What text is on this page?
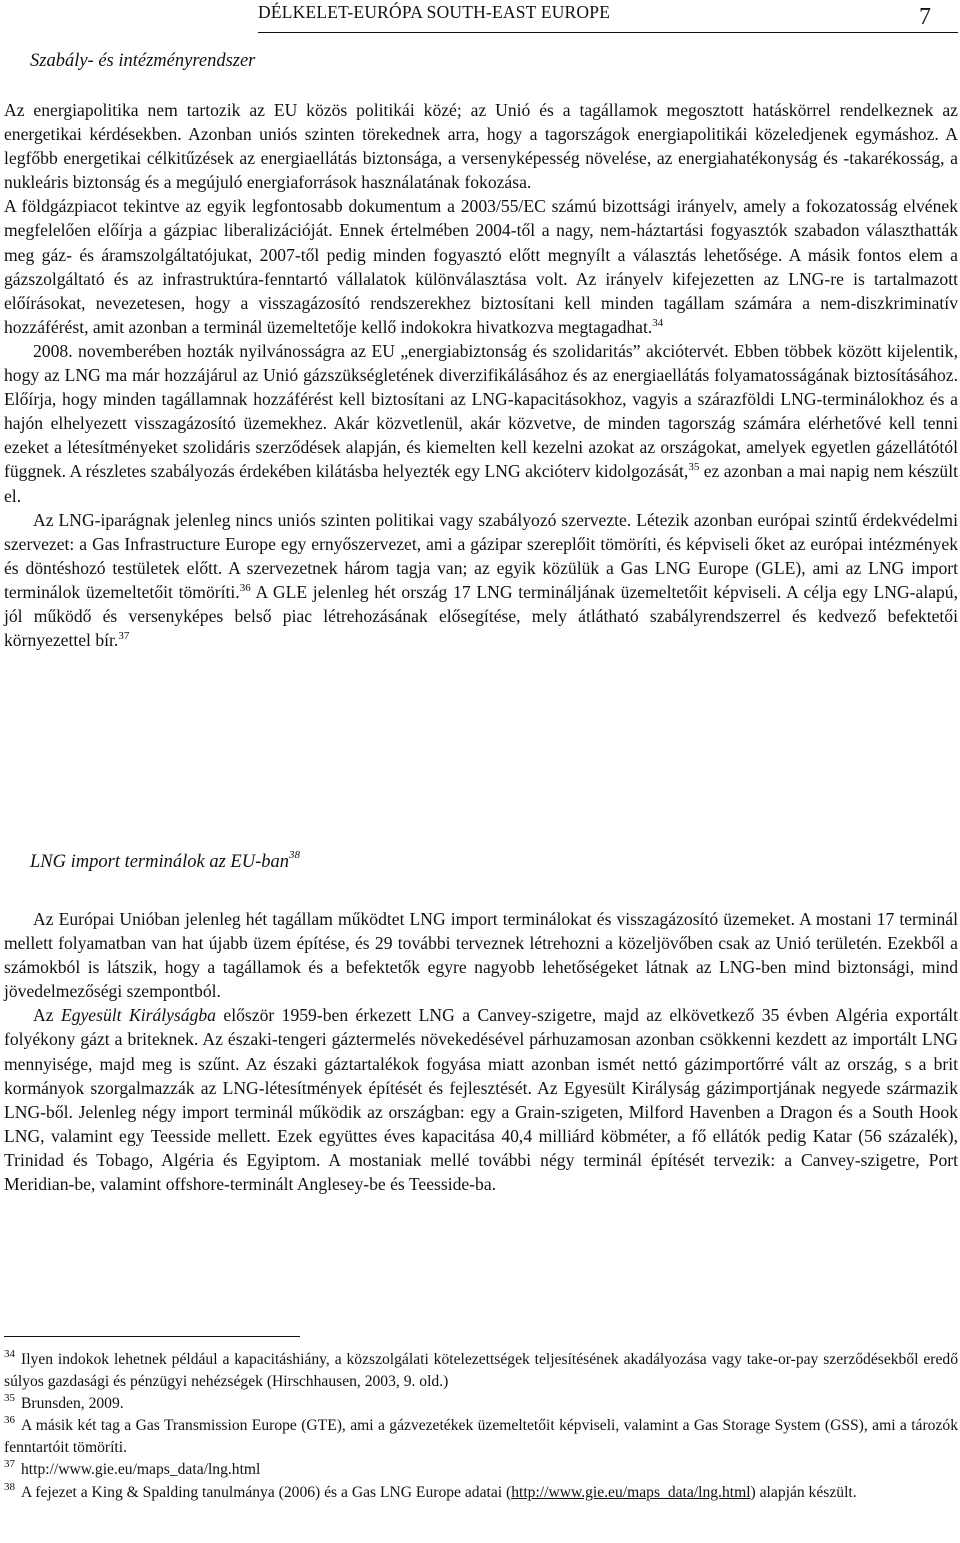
DÉLKELET-EURÓPA SOUTH-EAST EUROPE	7
Szabály- és intézményrendszer

Az energiapolitika nem tartozik az EU közös politikái közé; az Unió és a tagállamok megosztott hatáskörrel rendelkeznek az energetikai kérdésekben. Azonban uniós szinten törekednek arra, hogy a tagországok energiapolitikái közeledjenek egymáshoz. A legfőbb energetikai célkitűzések az energiaellátás biztonsága, a versenyképesség növelése, az energiahatékonyság és -takarékosság, a nukleáris biztonság és a megújuló energiaforrások használatának fokozása.

A földgázpiacot tekintve az egyik legfontosabb dokumentum a 2003/55/EC számú bizottsági irányelv, amely a fokozatosság elvének megfelelően előírja a gázpiac liberalizációját. Ennek értelmében 2004-től a nagy, nem-háztartási fogyasztók szabadon választhatták meg gáz- és áramszolgáltatójukat, 2007-től pedig minden fogyasztó előtt megnyílt a választás lehetősége. A másik fontos elem a gázszolgáltató és az infrastruktúra-fenntartó vállalatok különválasztása volt. Az irányelv kifejezetten az LNG-re is tartalmazott előírásokat, nevezetesen, hogy a visszagázosító rendszerekhez biztosítani kell minden tagállam számára a nem-diszkriminatív hozzáférést, amit azonban a terminál üzemeltetője kellő indokokra hivatkozva megtagadhat.$^{34}$

2008. novemberében hozták nyilvánosságra az EU „energiabiztonság és szolidaritás” akciótervét. Ebben többek között kijelentik, hogy az LNG ma már hozzájárul az Unió gázszükségletének diverzifikálásához és az energiaellátás folyamatosságának biztosításához. Előírja, hogy minden tagállamnak hozzáférést kell biztosítani az LNG-kapacitásokhoz, vagyis a szárazföldi LNG-terminálokhoz és a hajón elhelyezett visszagázosító üzemekhez. Akár közvetlenül, akár közvetve, de minden tagország számára elérhetővé kell tenni ezeket a létesítményeket szolidáris szerződések alapján, és kiemelten kell kezelni azokat az országokat, amelyek egyetlen gázellátótól függnek. A részletes szabályozás érdekében kilátásba helyezték egy LNG akcióterv kidolgozását,$^{35}$ ez azonban a mai napig nem készült el.

Az LNG-iparágnak jelenleg nincs uniós szinten politikai vagy szabályozó szervezte. Létezik azonban európai szintű érdekvédelmi szervezet: a Gas Infrastructure Europe egy ernyőszervezet, ami a gázipar szereplőit tömöríti, és képviseli őket az európai intézmények és döntéshozó testületek előtt. A szervezetnek három tagja van; az egyik közülük a Gas LNG Europe (GLE), ami az LNG import terminálok üzemeltetőit tömöríti.$^{36}$ A GLE jelenleg hét ország 17 LNG termináljának üzemeltetőit képviseli. A célja egy LNG-alapú, jól működő és versenyképes belső piac létrehozásának elősegítése, mely átlátható szabályrendszerrel és kedvező befektetői környezettel bír.$^{37}$

LNG import terminálok az EU-ban$^{38}$

Az Európai Unióban jelenleg hét tagállam működtet LNG import terminálokat és visszagázosító üzemeket. A mostani 17 terminál mellett folyamatban van hat újabb üzem építése, és 29 további terveznek létrehozni a közeljövőben csak az Unió területén. Ezekből a számokból is látszik, hogy a tagállamok és a befektetők egyre nagyobb lehetőségeket látnak az LNG-ben mind biztonsági, mind jövedelmezőségi szempontból.

Az Egyesült Királyságba először 1959-ben érkezett LNG a Canvey-szigetre, majd az elkövetkező 35 évben Algéria exportált folyékony gázt a briteknek. Az északi-tengeri gáztermelés növekedésével párhuzamosan azonban csökkenni kezdett az importált LNG mennyisége, majd meg is szűnt. Az északi gáztartalékok fogyása miatt azonban ismét nettó gázimportőrré vált az ország, s a brit kormányok szorgalmazzák az LNG-létesítmények építését és fejlesztését. Az Egyesült Királyság gázimportjának negyede származik LNG-ből. Jelenleg négy import terminál működik az országban: egy a Grain-szigeten, Milford Havenben a Dragon és a South Hook LNG, valamint egy Teesside mellett. Ezek együttes éves kapacitása 40,4 milliárd köbméter, a fő ellátók pedig Katar (56 százalék), Trinidad és Tobago, Algéria és Egyiptom. A mostaniak mellé további négy terminál építését tervezik: a Canvey-szigetre, Port Meridian-be, valamint offshore-terminált Anglesey-be és Teesside-ba.

$^{34}$ Ilyen indokok lehetnek például a kapacitáshiány, a közszolgálati kötelezettségek teljesítésének akadályozása vagy take-or-pay szerződésekből eredő súlyos gazdasági és pénzügyi nehézségek (Hirschhausen, 2003, 9. old.)

$^{35}$ Brunsden, 2009.

$^{36}$ A másik két tag a Gas Transmission Europe (GTE), ami a gázvezetékek üzemeltetőit képviseli, valamint a Gas Storage System (GSS), ami a tározók fenntartóit tömöríti.

$^{37}$ http://www.gie.eu/maps_data/lng.html

$^{38}$ A fejezet a King & Spalding tanulmánya (2006) és a Gas LNG Europe adatai (http://www.gie.eu/maps_data/lng.html) alapján készült.
